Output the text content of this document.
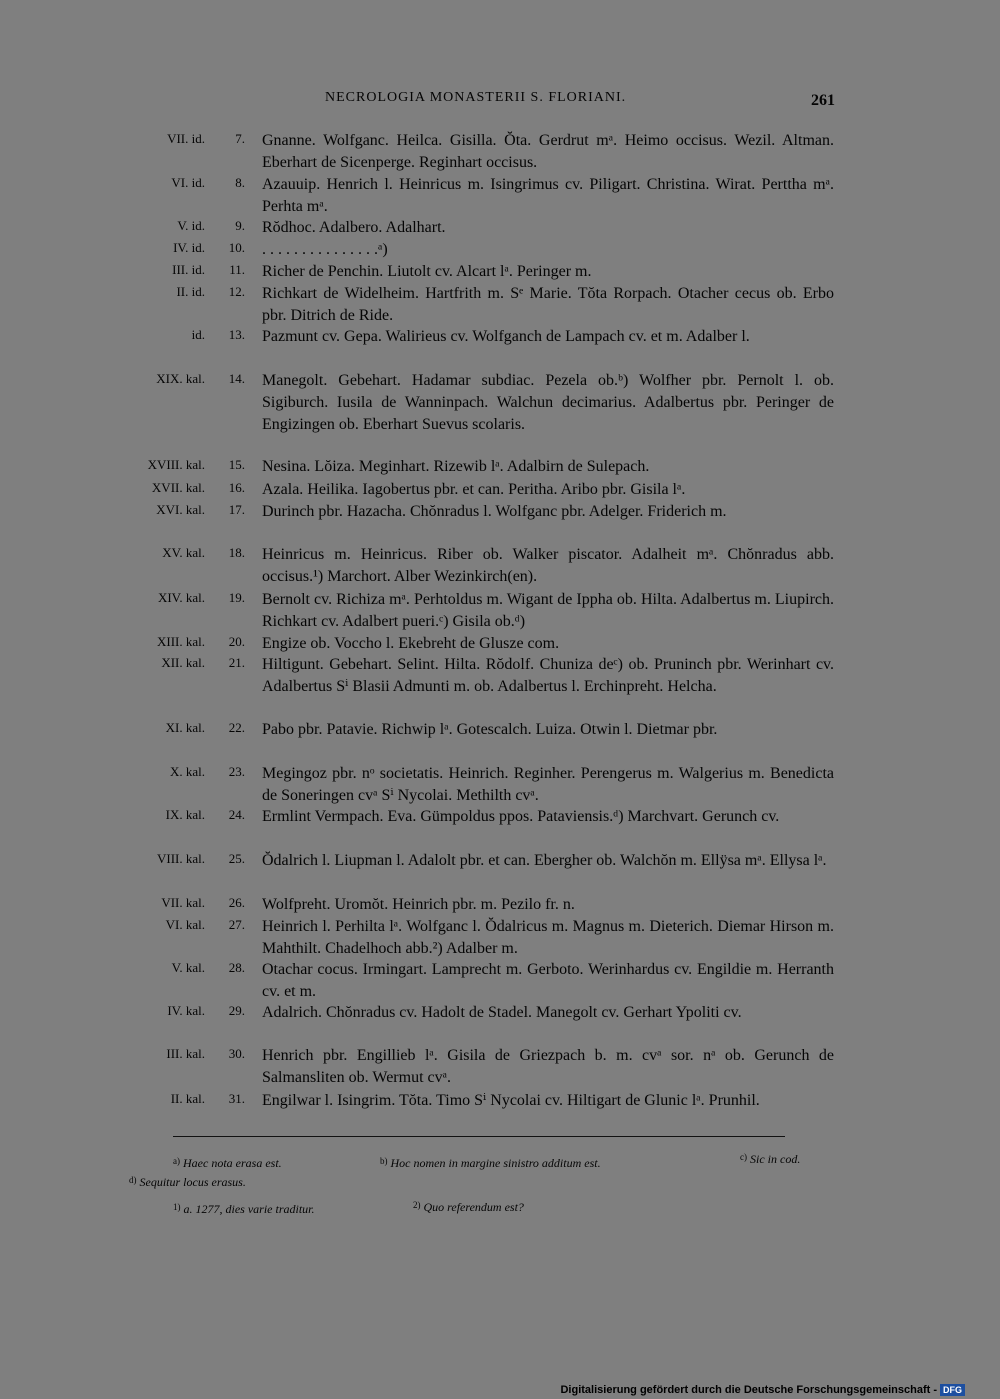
NECROLOGIA MONASTERII S. FLORIANI.	261
VII. id. 7. Gnanne. Wolfganc. Heilca. Gisilla. Ŏta. Gerdrut mᵃ. Heimo occisus. Wezil. Altman. Eberhart de Sicenperge. Reginhart occisus.
VI. id. 8. Azauuip. Henrich l. Heinricus m. Isingrimus cv. Piligart. Christina. Wirat. Perttha mᵃ. Perhta mᵃ.
V. id. 9. Rŏdhoc. Adalbero. Adalhart.
IV. id. 10. . . . . . . . . . . . . . . .ᵃ)
III. id. 11. Richer de Penchin. Liutolt cv. Alcart lᵃ. Peringer m.
II. id. 12. Richkart de Widelheim. Hartfrith m. Sᵉ Marie. Tŏta Rorpach. Otacher cecus ob. Erbo pbr. Ditrich de Ride.
id. 13. Pazmunt cv. Gepa. Walirieus cv. Wolfganch de Lampach cv. et m. Adalber l.
XIX. kal. 14. Manegolt. Gebehart. Hadamar subdiac. Pezela ob.ᵇ) Wolfher pbr. Pernolt l. ob. Sigiburch. Iusila de Wanninpach. Walchun decimarius. Adalbertus pbr. Peringer de Engizingen ob. Eberhart Suevus scolaris.
XVIII. kal. 15. Nesina. Lŏiza. Meginhart. Rizewib lᵃ. Adalbirn de Sulepach.
XVII. kal. 16. Azala. Heilika. Iagobertus pbr. et can. Peritha. Aribo pbr. Gisila lᵃ.
XVI. kal. 17. Durinch pbr. Hazacha. Chŏnradus l. Wolfganc pbr. Adelger. Friderich m.
XV. kal. 18. Heinricus m. Heinricus. Riber ob. Walker piscator. Adalheit mᵃ. Chŏnradus abb. occisus.¹) Marchort. Alber Wezinkirch(en).
XIV. kal. 19. Bernolt cv. Richiza mᵃ. Perhtoldus m. Wigant de Ippha ob. Hilta. Adalbertus m. Liupirch. Richkart cv. Adalbert pueri.ᶜ) Gisila ob.ᵈ)
XIII. kal. 20. Engize ob. Voccho l. Ekebreht de Glusze com.
XII. kal. 21. Hiltigunt. Gebehart. Selint. Hilta. Rŏdolf. Chuniza deᶜ) ob. Pruninch pbr. Werinhart cv. Adalbertus Sⁱ Blasii Admunti m. ob. Adalbertus l. Erchinpreht. Helcha.
XI. kal. 22. Pabo pbr. Patavie. Richwip lᵃ. Gotescalch. Luiza. Otwin l. Dietmar pbr.
X. kal. 23. Megingoz pbr. nᵒ societatis. Heinrich. Reginher. Perengerus m. Walgerius m. Benedicta de Soneringen cvᵃ Sⁱ Nycolai. Methilth cvᵃ.
IX. kal. 24. Ermlint Vermpach. Eva. Gümpoldus ppos. Pataviensis.ᵈ) Marchvart. Gerunch cv.
VIII. kal. 25. Ŏdalrich l. Liupman l. Adalolt pbr. et can. Ebergher ob. Walchŏn m. Ellÿsa mᵃ. Ellysa lᵃ.
VII. kal. 26. Wolfpreht. Uromŏt. Heinrich pbr. m. Pezilo fr. n.
VI. kal. 27. Heinrich l. Perhilta lᵃ. Wolfganc l. Ŏdalricus m. Magnus m. Dieterich. Diemar Hirson m. Mahthilt. Chadelhoch abb.²) Adalber m.
V. kal. 28. Otachar cocus. Irmingart. Lamprecht m. Gerboto. Werinhardus cv. Engildie m. Herranth cv. et m.
IV. kal. 29. Adalrich. Chŏnradus cv. Hadolt de Stadel. Manegolt cv. Gerhart Ypoliti cv.
III. kal. 30. Henrich pbr. Engillieb lᵃ. Gisila de Griezpach b. m. cvᵃ sor. nᵃ ob. Gerunch de Salmansliten ob. Wermut cvᵃ.
II. kal. 31. Engilwar l. Isingrim. Tŏta. Timo Sⁱ Nycolai cv. Hiltigart de Glunic lᵃ. Prunhil.
$^{a)}$ Haec nota erasa est.	$^{b)}$ Hoc nomen in margine sinistro additum est.	$^{c)}$ Sic in cod.
$^{d)}$ Sequitur locus erasus.
$^{1)}$ a. 1277, dies varie traditur.	$^{2)}$ Quo referendum est?
Digitalisierung gefördert durch die Deutsche Forschungsgemeinschaft - DFG
